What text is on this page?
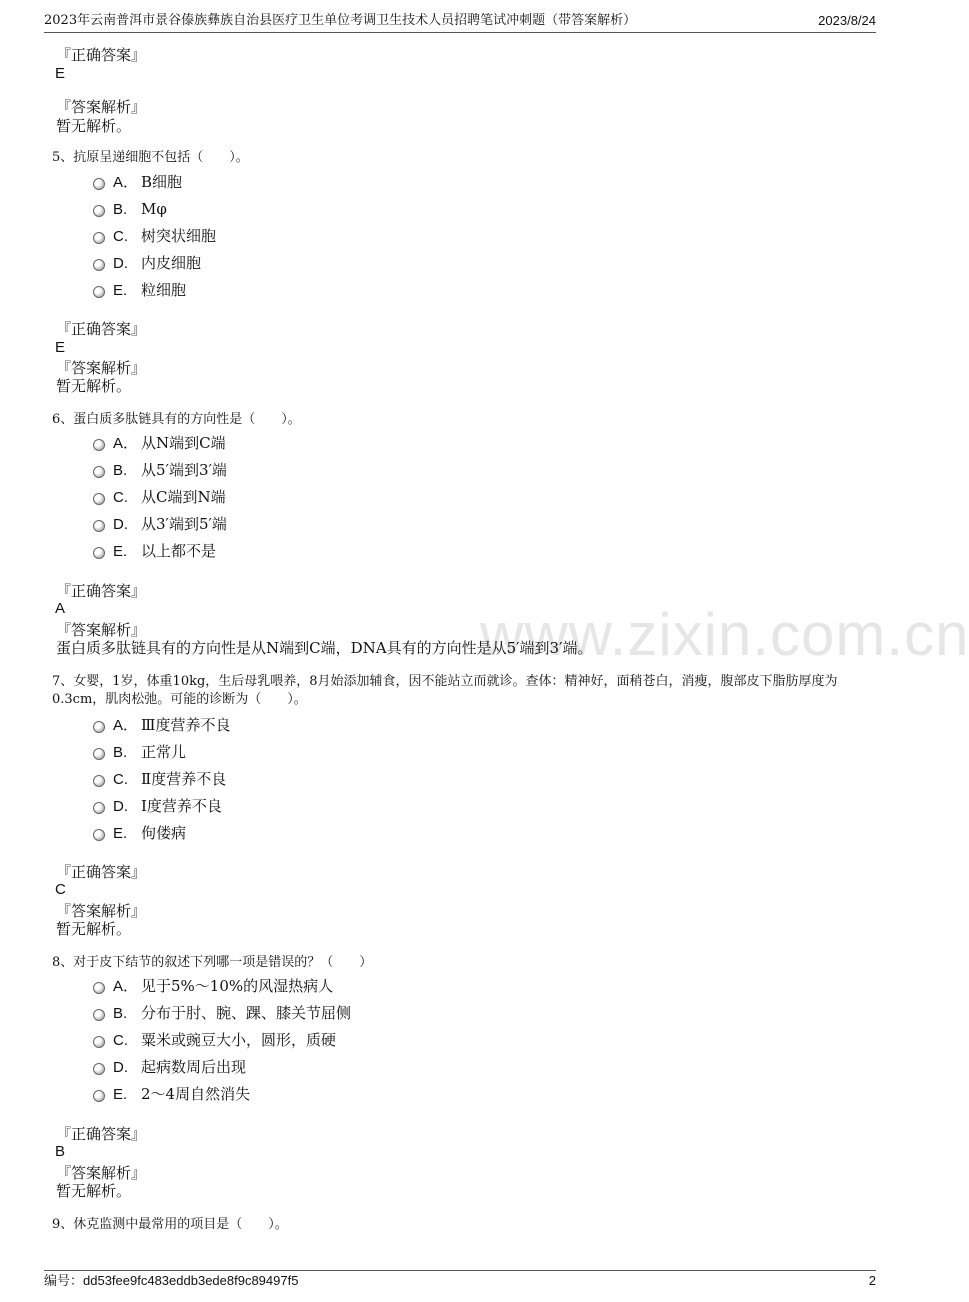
2023年云南普洱市景谷傣族彝族自治县医疗卫生单位考调卫生技术人员招聘笔试冲刺题（带答案解析）	2023/8/24
www.zixin.com.cn
『正确答案』
E
『答案解析』
暂无解析。
5、抗原呈递细胞不包括（　　）。
A． B细胞
B. Mφ
C. 树突状细胞
D. 内皮细胞
E. 粒细胞
『正确答案』
E
『答案解析』
暂无解析。
6、蛋白质多肽链具有的方向性是（　　）。
A． 从N端到C端
B. 从5′端到3′端
C. 从C端到N端
D. 从3′端到5′端
E. 以上都不是
『正确答案』
A
『答案解析』
蛋白质多肽链具有的方向性是从N端到C端，DNA具有的方向性是从5′端到3′端。
7、女婴，1岁，体重10kg，生后母乳喂养，8月始添加辅食，因不能站立而就诊。查体：精神好，面稍苍白，消瘦，腹部皮下脂肪厚度为0.3cm，肌肉松弛。可能的诊断为（　　）。
A． Ⅲ度营养不良
B. 正常儿
C. Ⅱ度营养不良
D. Ⅰ度营养不良
E. 佝偻病
『正确答案』
C
『答案解析』
暂无解析。
8、对于皮下结节的叙述下列哪一项是错误的？（　　）
A． 见于5%～10%的风湿热病人
B. 分布于肘、腕、踝、膝关节屈侧
C. 粟米或豌豆大小，圆形，质硬
D. 起病数周后出现
E. 2～4周自然消失
『正确答案』
B
『答案解析』
暂无解析。
9、休克监测中最常用的项目是（　　）。
编号：dd53fee9fc483eddb3ede8f9c89497f5	2
